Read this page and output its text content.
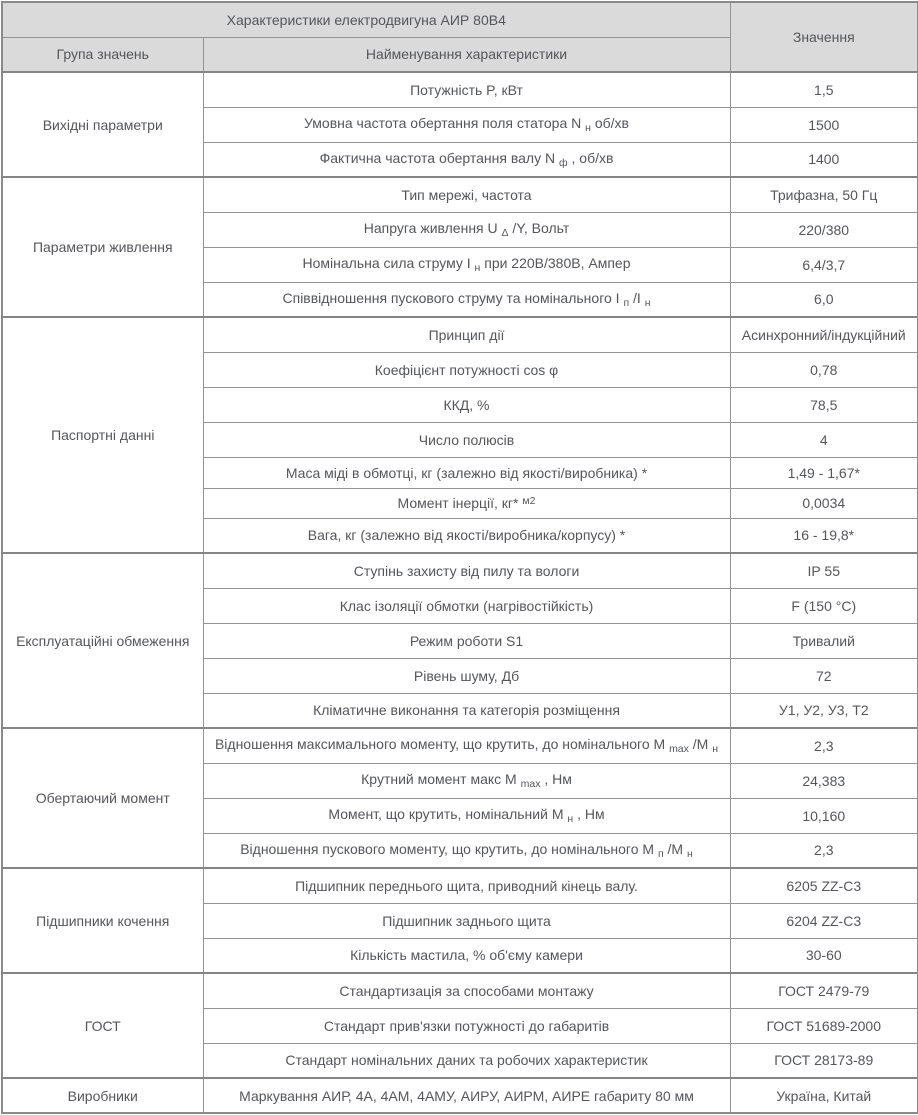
Характеристики електродвигуна АИР 80В4		Значення
Група значень	Найменування характеристики	
Вихідні параметри	Потужність P, кВт	1,5
	Умовна частота обертання поля статора N $_н$ об/хв	1500
	Фактична частота обертання валу N $_ф$ , об/хв	1400
Параметри живлення	Тип мережі, частота	Трифазна, 50 Гц
	Напруга живлення U $_\Delta$ /Y, Вольт	220/380
	Номінальна сила струму I $_н$ при 220В/380В, Ампер	6,4/3,7
	Співвідношення пускового струму та номінального I $_п$ /I $_н$	6,0
Паспортні данні	Принцип дії	Асинхронний/індукційний
	Коефіцієнт потужності cos φ	0,78
	ККД, %	78,5
	Число полюсів	4
	Маса міді в обмотці, кг (залежно від якості/виробника) *	1,49 - 1,67*
	Момент інерції, кг* $^{м2}$	0,0034
	Вага, кг (залежно від якості/виробника/корпусу) *	16 - 19,8*
Експлуатаційні обмеження	Ступінь захисту від пилу та вологи	IP 55
	Клас ізоляції обмотки (нагрівостійкість)	F (150 °C)
	Режим роботи S1	Тривалий
	Рівень шуму, Дб	72
	Кліматичне виконання та категорія розміщення	У1, У2, У3, Т2
Обертаючий момент	Відношення максимального моменту, що крутить, до номінального M $_{max}$ /M $_н$	2,3
	Крутний момент макс M $_{max}$ , Нм	24,383
	Момент, що крутить, номінальний M $_н$ , Нм	10,160
	Відношення пускового моменту, що крутить, до номінального M $_п$ /M $_н$	2,3
Підшипники кочення	Підшипник переднього щита, приводний кінець валу.	6205 ZZ-C3
	Підшипник заднього щита	6204 ZZ-C3
	Кількість мастила, % об'єму камери	30-60
ГОСТ	Стандартизація за способами монтажу	ГОСТ 2479-79
	Стандарт прив'язки потужності до габаритів	ГОСТ 51689-2000
	Стандарт номінальних даних та робочих характеристик	ГОСТ 28173-89
Виробники	Маркування АИР, 4А, 4АМ, 4АМУ, АИРУ, АИРМ, АИРЕ габариту 80 мм	Україна, Китай
